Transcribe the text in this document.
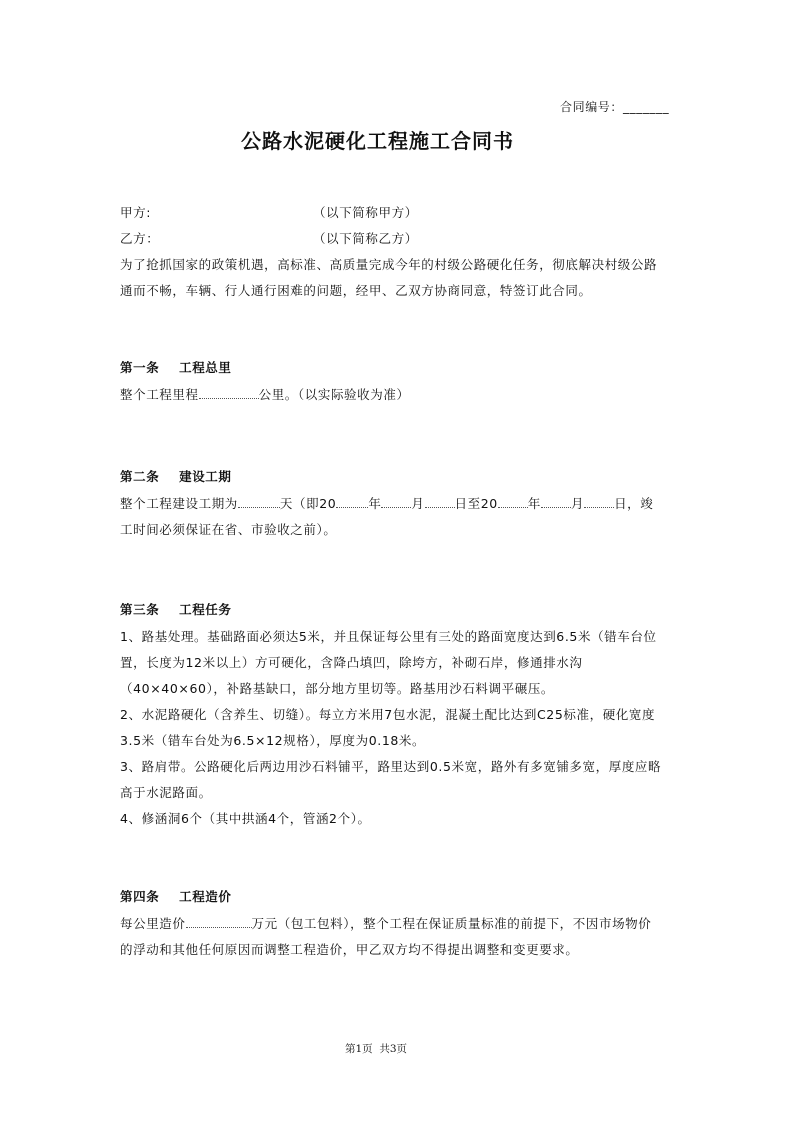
合同编号：_______
公路水泥硬化工程施工合同书
甲方:	（以下简称甲方）
乙方：	（以下简称乙方）
为了抢抓国家的政策机遇，高标准、高质量完成今年的村级公路硬化任务，彻底解决村级公路
通而不畅，车辆、行人通行困难的问题，经甲、乙双方协商同意，特签订此合同。
第一条    工程总里
整个工程里程	公里。（以实际验收为准）
第二条    建设工期
整个工程建设工期为	天（即20	年 月 日至20 年 月 日，竣
工时间必须保证在省、市验收之前）。
第三条    工程任务
1、路基处理。基础路面必须达5米，并且保证每公里有三处的路面宽度达到6.5米（错车台位
置，长度为12米以上）方可硬化，含降凸填凹，除垮方，补砌石岸，修通排水沟
（40×40×60），补路基缺口，部分地方里切等。路基用沙石料调平碾压。
2、水泥路硬化（含养生、切缝）。每立方米用7包水泥，混凝土配比达到C25标准，硬化宽度
3.5米（错车台处为6.5×12规格），厚度为0.18米。
3、路肩带。公路硬化后两边用沙石料铺平，路里达到0.5米宽，路外有多宽铺多宽，厚度应略
高于水泥路面。
4、修涵洞6个（其中拱涵4个，管涵2个）。
第四条    工程造价
每公里造价	万元（包工包料），整个工程在保证质量标准的前提下，不因市场物价
的浮动和其他任何原因而调整工程造价，甲乙双方均不得提出调整和变更要求。
第1页  共3页
